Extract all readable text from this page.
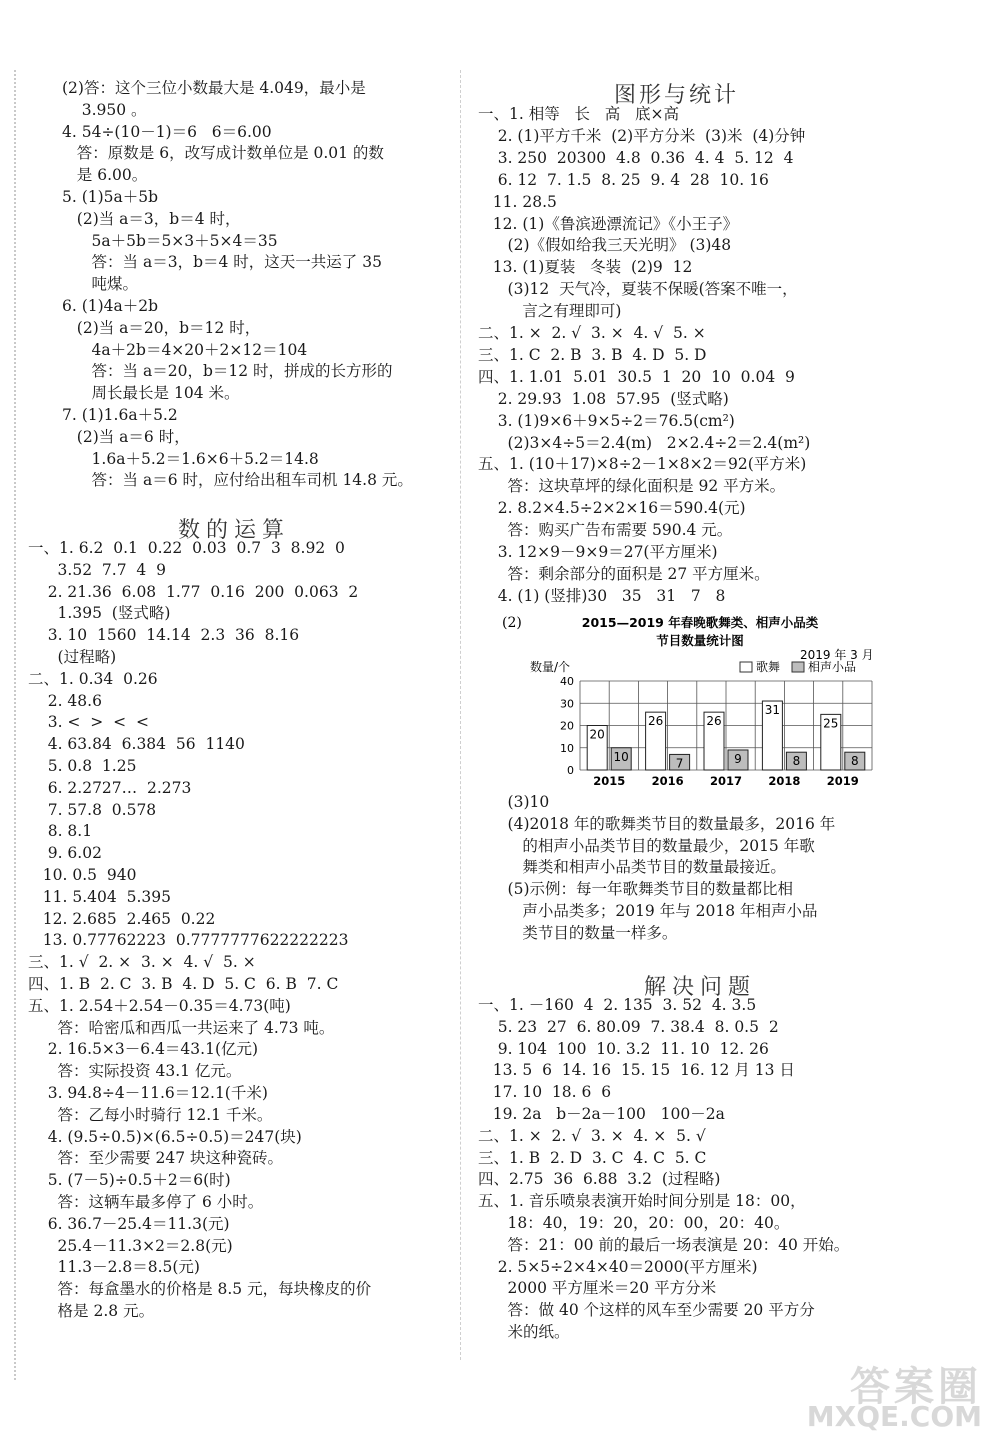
(2)答：这个三位小数最大是 4.049，最小是
3.950 。
4. 54÷(10－1)＝6   6＝6.00
答：原数是 6，改写成计数单位是 0.01 的数
是 6.00。
5. (1)5a＋5b
(2)当 a＝3，b＝4 时，
5a＋5b＝5×3＋5×4＝35
答：当 a＝3，b＝4 时，这天一共运了 35
吨煤。
6. (1)4a＋2b
(2)当 a＝20，b＝12 时，
4a＋2b＝4×20＋2×12＝104
答：当 a＝20，b＝12 时，拼成的长方形的
周长最长是 104 米。
7. (1)1.6a＋5.2
(2)当 a＝6 时，
1.6a＋5.2＝1.6×6＋5.2＝14.8
答：当 a＝6 时，应付给出租车司机 14.8 元。
数的运算
一、1. 6.2  0.1  0.22  0.03  0.7  3  8.92  0
3.52  7.7  4  9
2. 21.36  6.08  1.77  0.16  200  0.063  2
1.395  (竖式略)
3. 10  1560  14.14  2.3  36  8.16
(过程略)
二、1. 0.34  0.26
2. 48.6
3. <  >  <  <
4. 63.84  6.384  56  1140
5. 0.8  1.25
6. 2.2727…  2.273
7. 57.8  0.578
8. 8.1
9. 6.02
10. 0.5  940
11. 5.404  5.395
12. 2.685  2.465  0.22
13. 0.77762223  0.7777777622222223
三、1. √  2. ×  3. ×  4. √  5. ×
四、1. B  2. C  3. B  4. D  5. C  6. B  7. C
五、1. 2.54＋2.54－0.35＝4.73(吨)
答：哈密瓜和西瓜一共运来了 4.73 吨。
2. 16.5×3－6.4＝43.1(亿元)
答：实际投资 43.1 亿元。
3. 94.8÷4－11.6＝12.1(千米)
答：乙每小时骑行 12.1 千米。
4. (9.5÷0.5)×(6.5÷0.5)＝247(块)
答：至少需要 247 块这种瓷砖。
5. (7－5)÷0.5＋2＝6(时)
答：这辆车最多停了 6 小时。
6. 36.7－25.4＝11.3(元)
25.4－11.3×2＝2.8(元)
11.3－2.8＝8.5(元)
答：每盒墨水的价格是 8.5 元，每块橡皮的价
格是 2.8 元。
图形与统计
一、1. 相等   长   高   底×高
2. (1)平方千米  (2)平方分米  (3)米  (4)分钟
3. 250  20300  4.8  0.36  4. 4  5. 12  4
6. 12  7. 1.5  8. 25  9. 4  28  10. 16
11. 28.5
12. (1)《鲁滨逊漂流记》《小王子》
(2)《假如给我三天光明》 (3)48
13. (1)夏装   冬装  (2)9  12
(3)12  天气冷，夏装不保暖(答案不唯一，
言之有理即可)
二、1. ×  2. √  3. ×  4. √  5. ×
三、1. C  2. B  3. B  4. D  5. D
四、1. 1.01  5.01  30.5  1  20  10  0.04  9
2. 29.93  1.08  57.95  (竖式略)
3. (1)9×6＋9×5÷2＝76.5(cm²)
(2)3×4÷5＝2.4(m)   2×2.4÷2＝2.4(m²)
五、1. (10＋17)×8÷2－1×8×2＝92(平方米)
答：这块草坪的绿化面积是 92 平方米。
2. 8.2×4.5÷2×2×16＝590.4(元)
答：购买广告布需要 590.4 元。
3. 12×9－9×9＝27(平方厘米)
答：剩余部分的面积是 27 平方厘米。
4. (1) (竖排)30   35   31   7   8
(2)	2015—2019 年春晚歌舞类、相声小品类
节目数量统计图
2019 年 3 月
数量/个	歌舞 相声小品
0
10
20
30
40
20
10
2015
26
7
2016
26
9
2017
31
8
2018
25
8
2019
(3)10
(4)2018 年的歌舞类节目的数量最多，2016 年
的相声小品类节目的数量最少，2015 年歌
舞类和相声小品类节目的数量最接近。
(5)示例：每一年歌舞类节目的数量都比相
声小品类多；2019 年与 2018 年相声小品
类节目的数量一样多。
解决问题
一、1. －160  4  2. 135  3. 52  4. 3.5
5. 23  27  6. 80.09  7. 38.4  8. 0.5  2
9. 104  100  10. 3.2  11. 10  12. 26
13. 5  6  14. 16  15. 15  16. 12 月 13 日
17. 10  18. 6  6
19. 2a   b－2a－100   100－2a
二、1. ×  2. √  3. ×  4. ×  5. √
三、1. B  2. D  3. C  4. C  5. C
四、2.75  36  6.88  3.2  (过程略)
五、1. 音乐喷泉表演开始时间分别是 18：00，
18：40，19：20，20：00，20：40。
答：21：00 前的最后一场表演是 20：40 开始。
2. 5×5÷2×4×40＝2000(平方厘米)
2000 平方厘米＝20 平方分米
答：做 40 个这样的风车至少需要 20 平方分
米的纸。
答案圈
MXQE.COM
